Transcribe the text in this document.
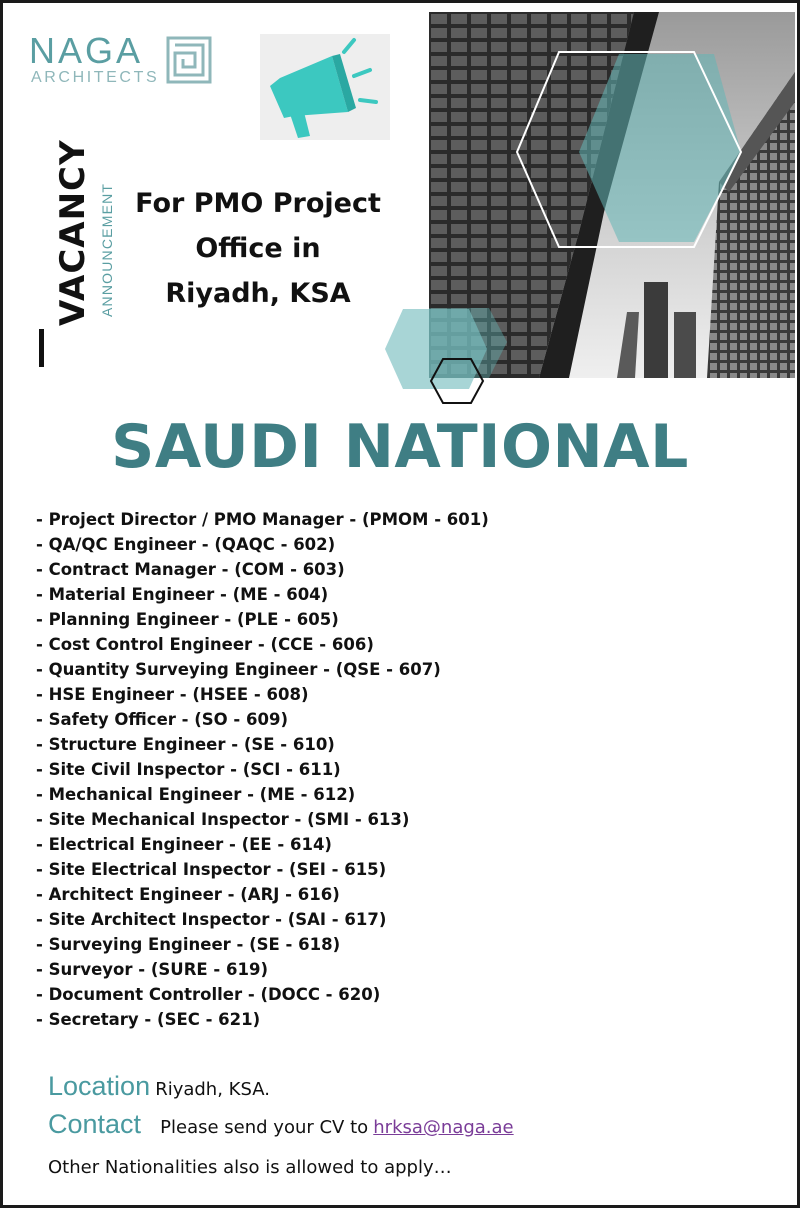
NAGA
ARCHITECTS
VACANCY ANNOUNCEMENT For PMO Project
Office in
Riyadh, KSA
SAUDI NATIONAL
- Project Director / PMO Manager - (PMOM - 601)
- QA/QC Engineer - (QAQC - 602)
- Contract Manager - (COM - 603)
- Material Engineer - (ME - 604)
- Planning Engineer - (PLE - 605)
- Cost Control Engineer - (CCE - 606)
- Quantity Surveying Engineer - (QSE - 607)
- HSE Engineer - (HSEE - 608)
- Safety Officer - (SO - 609)
- Structure Engineer - (SE - 610)
- Site Civil Inspector - (SCI - 611)
- Mechanical Engineer - (ME - 612)
- Site Mechanical Inspector - (SMI - 613)
- Electrical Engineer - (EE - 614)
- Site Electrical Inspector - (SEI - 615)
- Architect Engineer - (ARJ - 616)
- Site Architect Inspector - (SAI - 617)
- Surveying Engineer - (SE - 618)
- Surveyor - (SURE - 619)
- Document Controller - (DOCC - 620)
- Secretary - (SEC - 621)
Location Riyadh, KSA.
Contact Please send your CV to hrksa@naga.ae
Other Nationalities also is allowed to apply…
